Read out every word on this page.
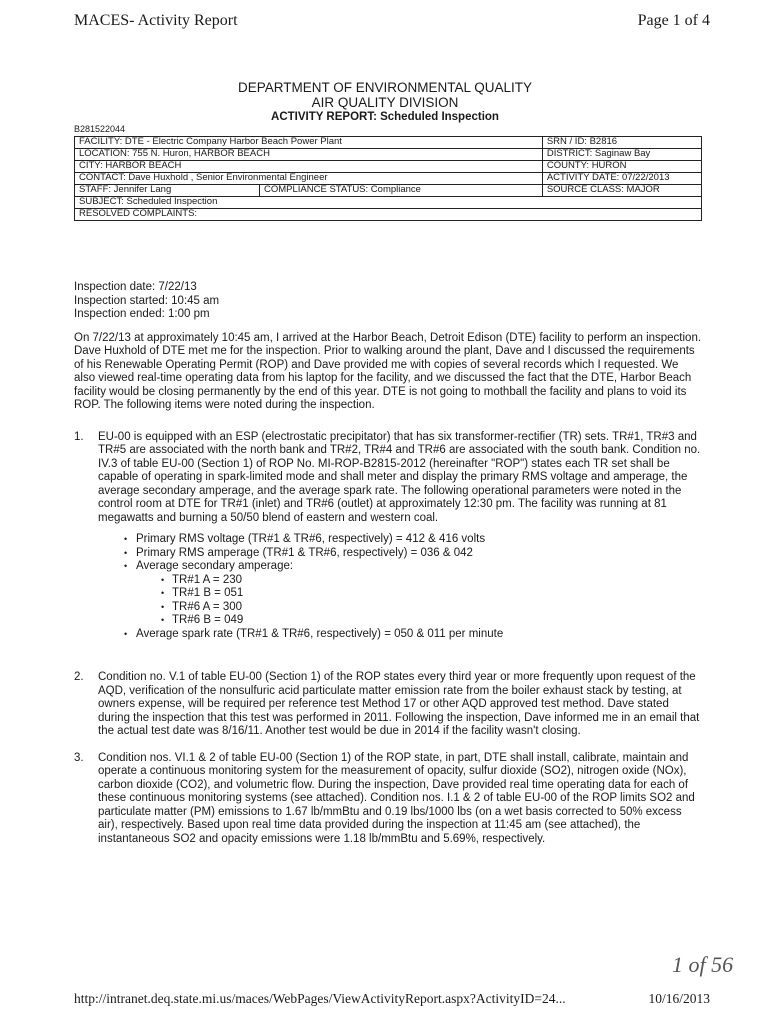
MACES- Activity Report	Page 1 of 4
DEPARTMENT OF ENVIRONMENTAL QUALITY
AIR QUALITY DIVISION
ACTIVITY REPORT: Scheduled Inspection
B281522044
FACILITY: DTE - Electric Company Harbor Beach Power Plant		SRN / ID: B2816
LOCATION: 755 N. Huron, HARBOR BEACH		DISTRICT: Saginaw Bay
CITY: HARBOR BEACH		COUNTY: HURON
CONTACT: Dave Huxhold , Senior Environmental Engineer		ACTIVITY DATE: 07/22/2013
STAFF: Jennifer Lang	COMPLIANCE STATUS: Compliance	SOURCE CLASS: MAJOR
SUBJECT: Scheduled Inspection		
RESOLVED COMPLAINTS:		

Inspection date: 7/22/13

Inspection started: 10:45 am

Inspection ended: 1:00 pm

On 7/22/13 at approximately 10:45 am, I arrived at the Harbor Beach, Detroit Edison (DTE) facility to perform an inspection. Dave Huxhold of DTE met me for the inspection. Prior to walking around the plant, Dave and I discussed the requirements of his Renewable Operating Permit (ROP) and Dave provided me with copies of several records which I requested. We also viewed real-time operating data from his laptop for the facility, and we discussed the fact that the DTE, Harbor Beach facility would be closing permanently by the end of this year. DTE is not going to mothball the facility and plans to void its ROP. The following items were noted during the inspection.

1.	EU-00 is equipped with an ESP (electrostatic precipitator) that has six transformer-rectifier (TR) sets. TR#1, TR#3 and TR#5 are associated with the north bank and TR#2, TR#4 and TR#6 are associated with the south bank. Condition no. IV.3 of table EU-00 (Section 1) of ROP No. MI-ROP-B2815-2012 (hereinafter "ROP") states each TR set shall be capable of operating in spark-limited mode and shall meter and display the primary RMS voltage and amperage, the average secondary amperage, and the average spark rate. The following operational parameters were noted in the control room at DTE for TR#1 (inlet) and TR#6 (outlet) at approximately 12:30 pm. The facility was running at 81 megawatts and burning a 50/50 blend of eastern and western coal.

• Primary RMS voltage (TR#1 & TR#6, respectively) = 412 & 416 volts
• Primary RMS amperage (TR#1 & TR#6, respectively) = 036 & 042
• Average secondary amperage:
• TR#1 A = 230
• TR#1 B = 051
• TR#6 A = 300
• TR#6 B = 049
• Average spark rate (TR#1 & TR#6, respectively) = 050 & 011 per minute
2.	Condition no. V.1 of table EU-00 (Section 1) of the ROP states every third year or more frequently upon request of the AQD, verification of the nonsulfuric acid particulate matter emission rate from the boiler exhaust stack by testing, at owners expense, will be required per reference test Method 17 or other AQD approved test method. Dave stated during the inspection that this test was performed in 2011. Following the inspection, Dave informed me in an email that the actual test date was 8/16/11. Another test would be due in 2014 if the facility wasn't closing.

3.	Condition nos. VI.1 & 2 of table EU-00 (Section 1) of the ROP state, in part, DTE shall install, calibrate, maintain and operate a continuous monitoring system for the measurement of opacity, sulfur dioxide (SO2), nitrogen oxide (NOx), carbon dioxide (CO2), and volumetric flow. During the inspection, Dave provided real time operating data for each of these continuous monitoring systems (see attached). Condition nos. I.1 & 2 of table EU-00 of the ROP limits SO2 and particulate matter (PM) emissions to 1.67 lb/mmBtu and 0.19 lbs/1000 lbs (on a wet basis corrected to 50% excess air), respectively. Based upon real time data provided during the inspection at 11:45 am (see attached), the instantaneous SO2 and opacity emissions were 1.18 lb/mmBtu and 5.69%, respectively.

1 of 56
http://intranet.deq.state.mi.us/maces/WebPages/ViewActivityReport.aspx?ActivityID=24...	10/16/2013
